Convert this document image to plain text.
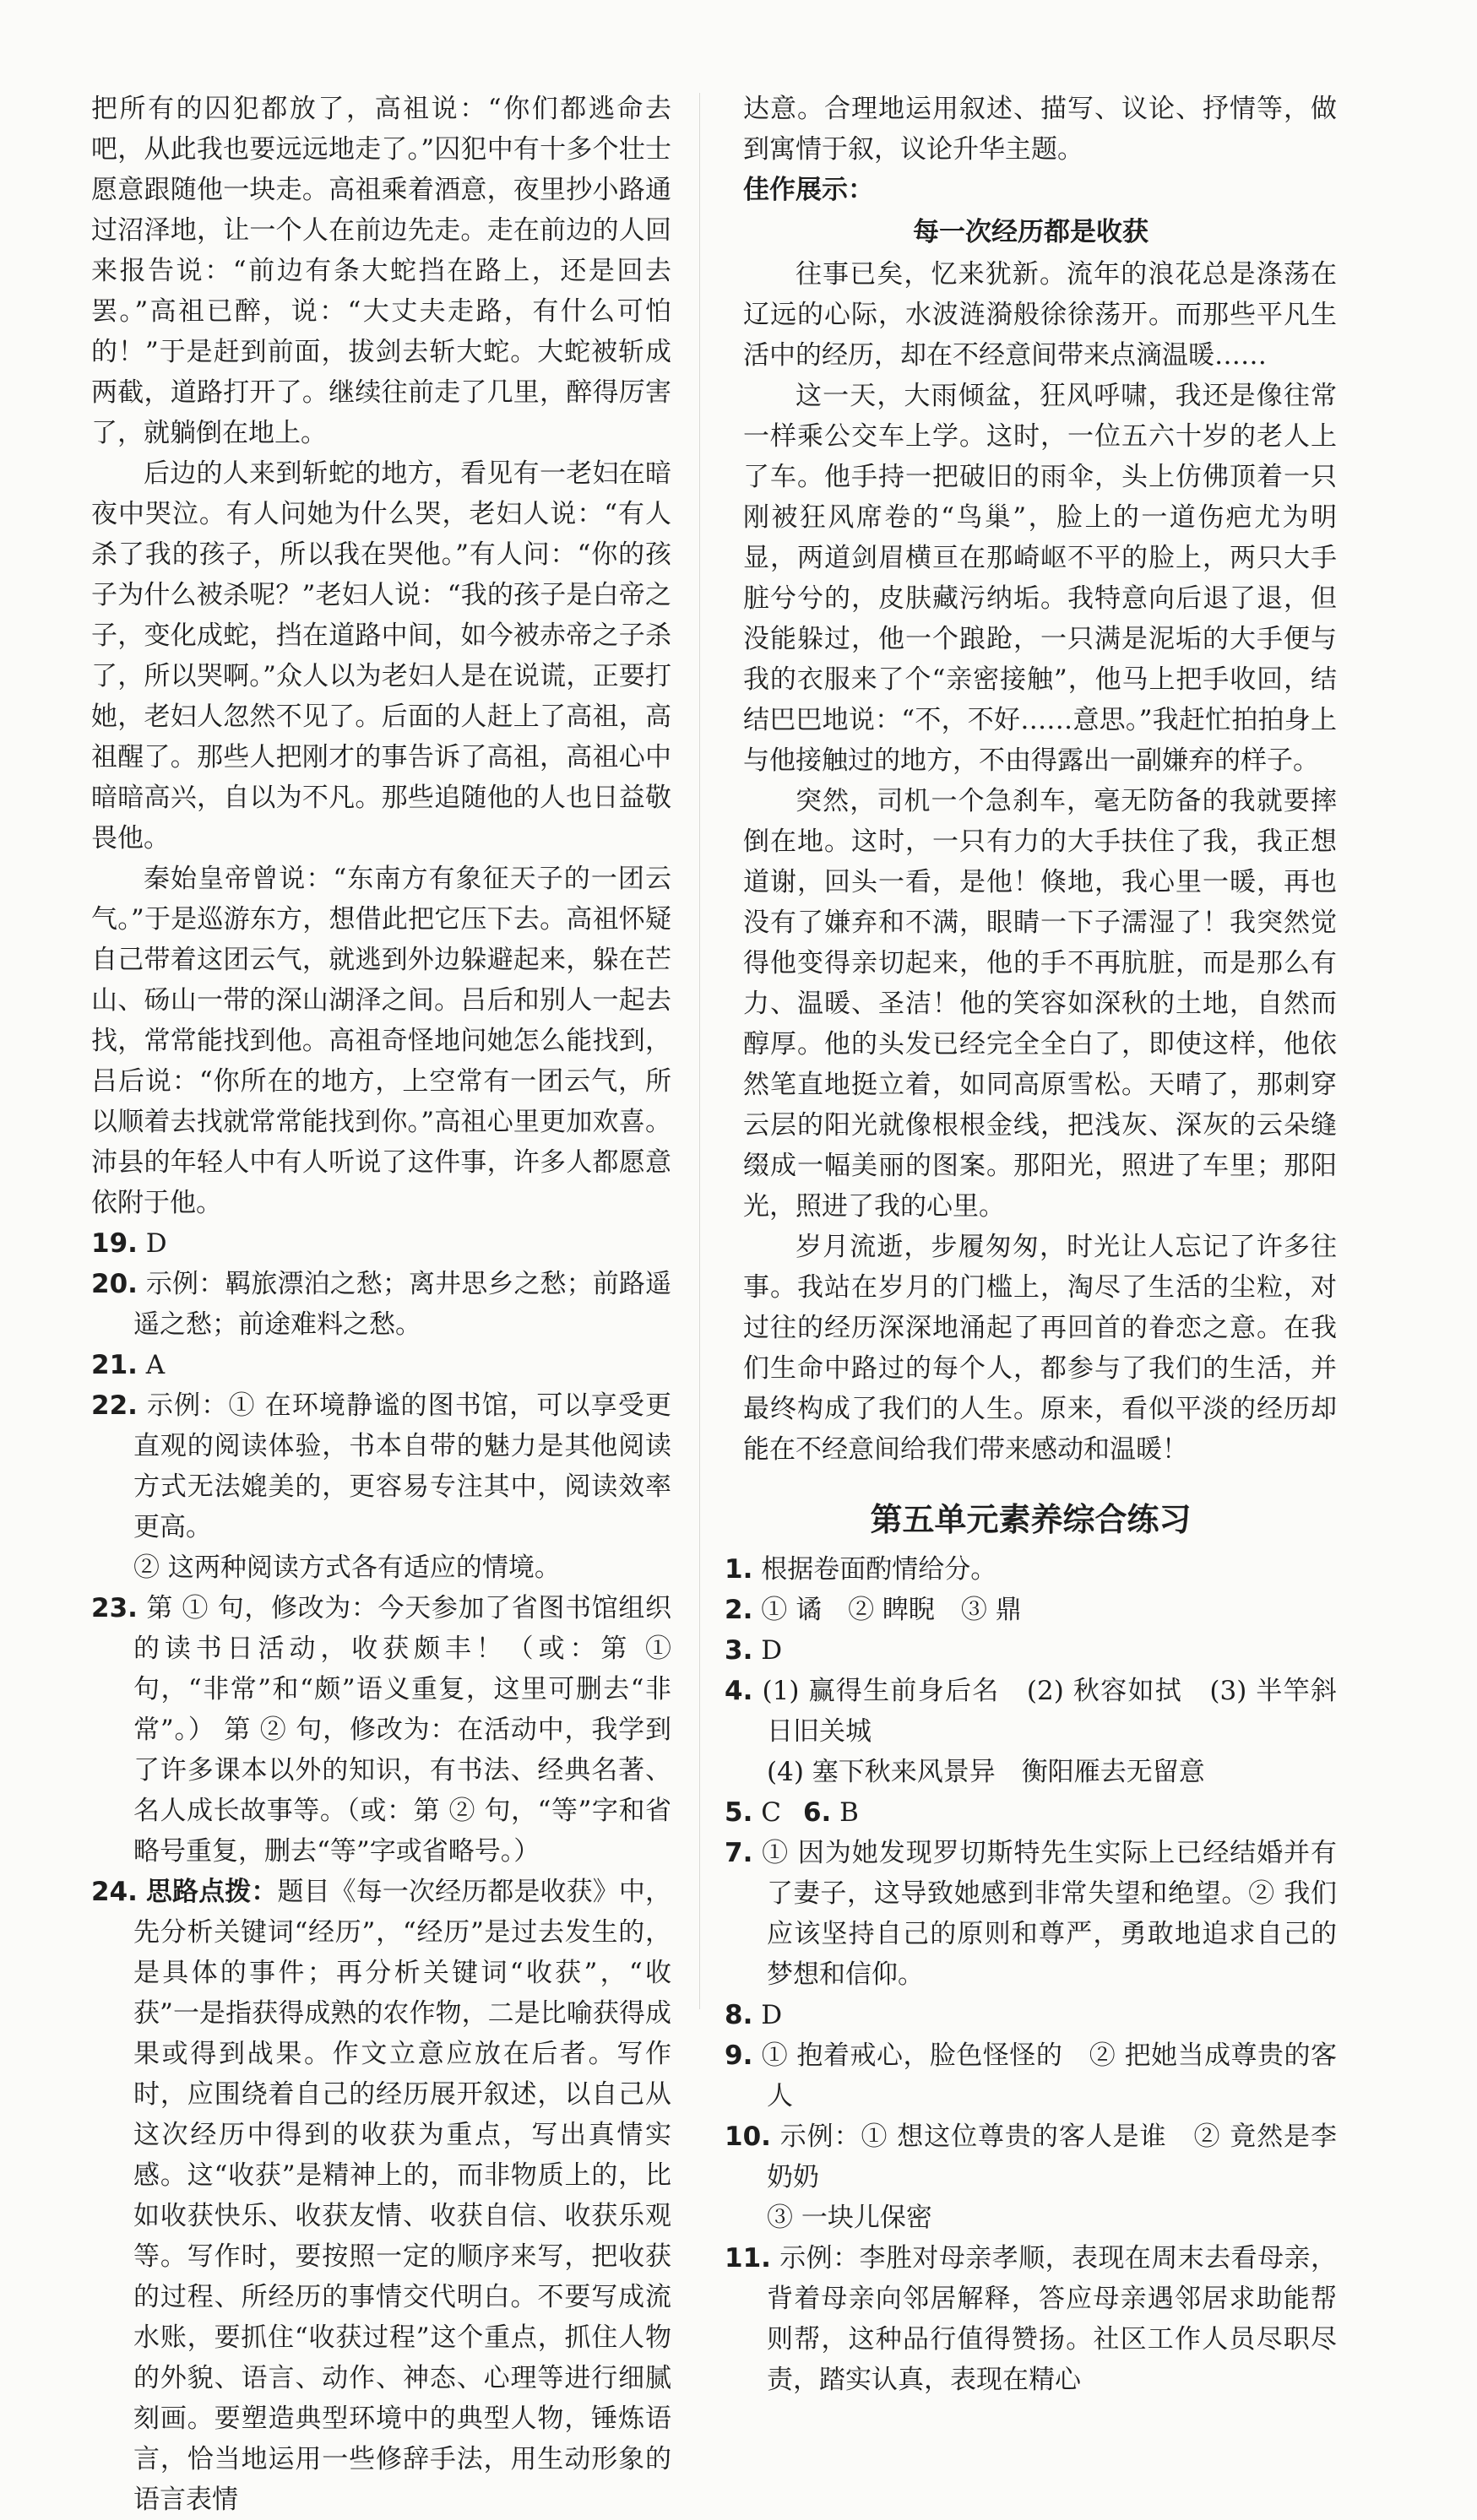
把所有的囚犯都放了，高祖说：“你们都逃命去吧，从此我也要远远地走了。”囚犯中有十多个壮士愿意跟随他一块走。高祖乘着酒意，夜里抄小路通过沼泽地，让一个人在前边先走。走在前边的人回来报告说：“前边有条大蛇挡在路上，还是回去罢。”高祖已醉，说：“大丈夫走路，有什么可怕的！”于是赶到前面，拔剑去斩大蛇。大蛇被斩成两截，道路打开了。继续往前走了几里，醉得厉害了，就躺倒在地上。

后边的人来到斩蛇的地方，看见有一老妇在暗夜中哭泣。有人问她为什么哭，老妇人说：“有人杀了我的孩子，所以我在哭他。”有人问：“你的孩子为什么被杀呢？”老妇人说：“我的孩子是白帝之子，变化成蛇，挡在道路中间，如今被赤帝之子杀了，所以哭啊。”众人以为老妇人是在说谎，正要打她，老妇人忽然不见了。后面的人赶上了高祖，高祖醒了。那些人把刚才的事告诉了高祖，高祖心中暗暗高兴，自以为不凡。那些追随他的人也日益敬畏他。

秦始皇帝曾说：“东南方有象征天子的一团云气。”于是巡游东方，想借此把它压下去。高祖怀疑自己带着这团云气，就逃到外边躲避起来，躲在芒山、砀山一带的深山湖泽之间。吕后和别人一起去找，常常能找到他。高祖奇怪地问她怎么能找到，吕后说：“你所在的地方，上空常有一团云气，所以顺着去找就常常能找到你。”高祖心里更加欢喜。沛县的年轻人中有人听说了这件事，许多人都愿意依附于他。

19. D

20. 示例：羁旅漂泊之愁；离井思乡之愁；前路遥遥之愁；前途难料之愁。

21. A

22. 示例：① 在环境静谧的图书馆，可以享受更直观的阅读体验，书本自带的魅力是其他阅读方式无法媲美的，更容易专注其中，阅读效率更高。

② 这两种阅读方式各有适应的情境。

23. 第 ① 句，修改为：今天参加了省图书馆组织的读书日活动，收获颇丰！（或：第 ① 句，“非常”和“颇”语义重复，这里可删去“非常”。） 第 ② 句，修改为：在活动中，我学到了许多课本以外的知识，有书法、经典名著、名人成长故事等。（或：第 ② 句，“等”字和省略号重复，删去“等”字或省略号。）

24. 思路点拨：题目《每一次经历都是收获》中，先分析关键词“经历”，“经历”是过去发生的，是具体的事件；再分析关键词“收获”，“收获”一是指获得成熟的农作物，二是比喻获得成果或得到战果。作文立意应放在后者。写作时，应围绕着自己的经历展开叙述，以自己从这次经历中得到的收获为重点，写出真情实感。这“收获”是精神上的，而非物质上的，比如收获快乐、收获友情、收获自信、收获乐观等。写作时，要按照一定的顺序来写，把收获的过程、所经历的事情交代明白。不要写成流水账，要抓住“收获过程”这个重点，抓住人物的外貌、语言、动作、神态、心理等进行细腻刻画。要塑造典型环境中的典型人物，锤炼语言，恰当地运用一些修辞手法，用生动形象的语言表情

达意。合理地运用叙述、描写、议论、抒情等，做到寓情于叙，议论升华主题。

佳作展示：

每一次经历都是收获

往事已矣，忆来犹新。流年的浪花总是涤荡在辽远的心际，水波涟漪般徐徐荡开。而那些平凡生活中的经历，却在不经意间带来点滴温暖……

这一天，大雨倾盆，狂风呼啸，我还是像往常一样乘公交车上学。这时，一位五六十岁的老人上了车。他手持一把破旧的雨伞，头上仿佛顶着一只刚被狂风席卷的“鸟巢”，脸上的一道伤疤尤为明显，两道剑眉横亘在那崎岖不平的脸上，两只大手脏兮兮的，皮肤藏污纳垢。我特意向后退了退，但没能躲过，他一个踉跄，一只满是泥垢的大手便与我的衣服来了个“亲密接触”，他马上把手收回，结结巴巴地说：“不，不好……意思。”我赶忙拍拍身上与他接触过的地方，不由得露出一副嫌弃的样子。

突然，司机一个急刹车，毫无防备的我就要摔倒在地。这时，一只有力的大手扶住了我，我正想道谢，回头一看，是他！倏地，我心里一暖，再也没有了嫌弃和不满，眼睛一下子濡湿了！我突然觉得他变得亲切起来，他的手不再肮脏，而是那么有力、温暖、圣洁！他的笑容如深秋的土地，自然而醇厚。他的头发已经完全全白了，即使这样，他依然笔直地挺立着，如同高原雪松。天晴了，那刺穿云层的阳光就像根根金线，把浅灰、深灰的云朵缝缀成一幅美丽的图案。那阳光，照进了车里；那阳光，照进了我的心里。

岁月流逝，步履匆匆，时光让人忘记了许多往事。我站在岁月的门槛上，淘尽了生活的尘粒，对过往的经历深深地涌起了再回首的眷恋之意。在我们生命中路过的每个人，都参与了我们的生活，并最终构成了我们的人生。原来，看似平淡的经历却能在不经意间给我们带来感动和温暖！

第五单元素养综合练习

1. 根据卷面酌情给分。

2. ① 谲　② 睥睨　③ 鼎

3. D

4. (1) 赢得生前身后名　(2) 秋容如拭　(3) 半竿斜日旧关城

(4) 塞下秋来风景异　衡阳雁去无留意

5. C 6. B

7. ① 因为她发现罗切斯特先生实际上已经结婚并有了妻子，这导致她感到非常失望和绝望。② 我们应该坚持自己的原则和尊严，勇敢地追求自己的梦想和信仰。

8. D

9. ① 抱着戒心，脸色怪怪的　② 把她当成尊贵的客人

10. 示例：① 想这位尊贵的客人是谁　② 竟然是李奶奶

③ 一块儿保密

11. 示例：李胜对母亲孝顺，表现在周末去看母亲，背着母亲向邻居解释，答应母亲遇邻居求助能帮则帮，这种品行值得赞扬。社区工作人员尽职尽责，踏实认真，表现在精心
